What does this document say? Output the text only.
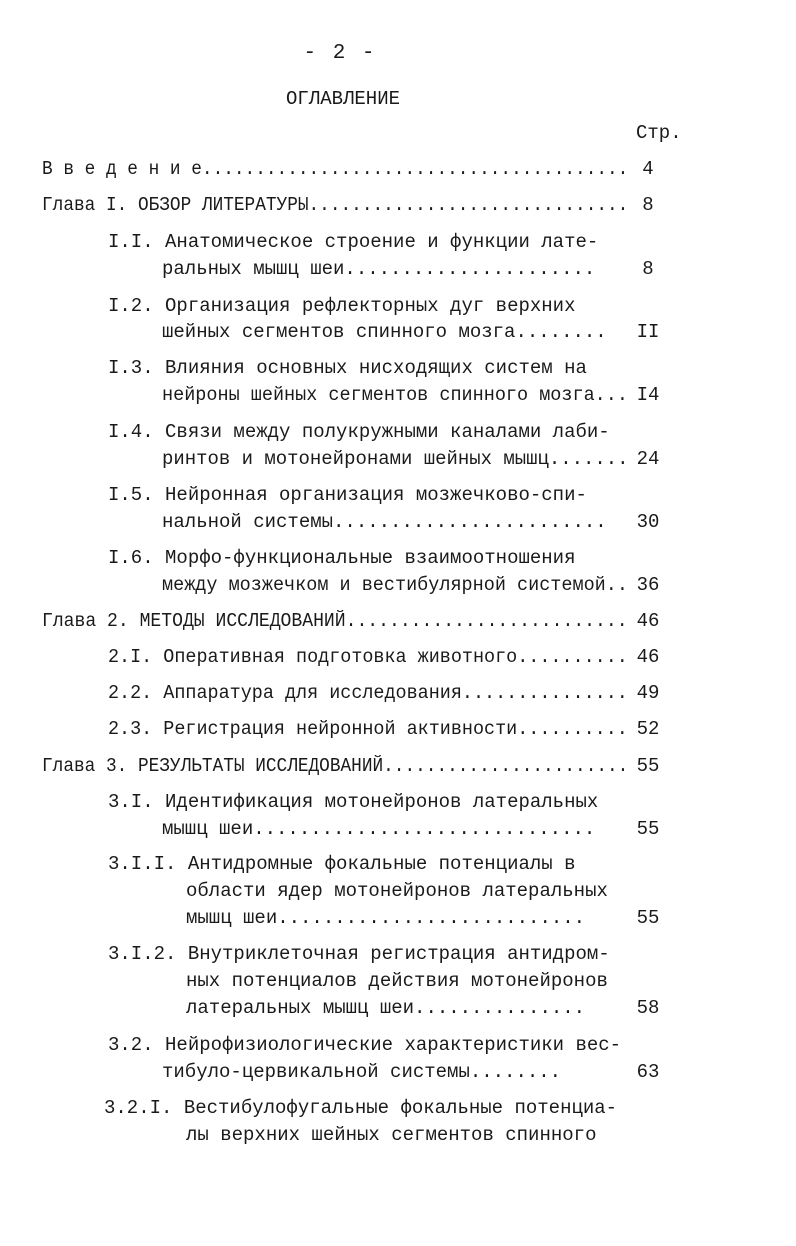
- 2 -
ОГЛАВЛЕНИЕ
Стр.
В в е д е н и е........................................ 4
Глава I. ОБЗОР ЛИТЕРАТУРЫ.............................. 8
I.I. Анатомическое строение и функции лате-
ральных мышц шеи......................	8
I.2. Организация рефлекторных дуг верхних
шейных сегментов спинного мозга........	II
I.3. Влияния основных нисходящих систем на
нейроны шейных сегментов спинного мозга... I4
I.4. Связи между полукружными каналами лаби-
ринтов и мотонейронами шейных мышц....... 24
I.5. Нейронная организация мозжечково-спи-
нальной системы........................	30
I.6. Морфо-функциональные взаимоотношения
между мозжечком и вестибулярной системой.. 36
Глава 2. МЕТОДЫ ИССЛЕДОВАНИЙ.......................... 46
2.I. Оперативная подготовка животного.......... 46
2.2. Аппаратура для исследования............... 49
2.3. Регистрация нейронной активности.......... 52
Глава 3. РЕЗУЛЬТАТЫ ИССЛЕДОВАНИЙ....................... 55
3.I. Идентификация мотонейронов латеральных
мышц шеи..............................	55
3.I.I. Антидромные фокальные потенциалы в
области ядер мотонейронов латеральных
мышц шеи...........................	55
3.I.2. Внутриклеточная регистрация антидром-
ных потенциалов действия мотонейронов
латеральных мышц шеи...............	58
3.2. Нейрофизиологические характеристики вес-
тибуло-цервикальной системы........	63
3.2.I. Вестибулофугальные фокальные потенциа-
лы верхних шейных сегментов спинного
